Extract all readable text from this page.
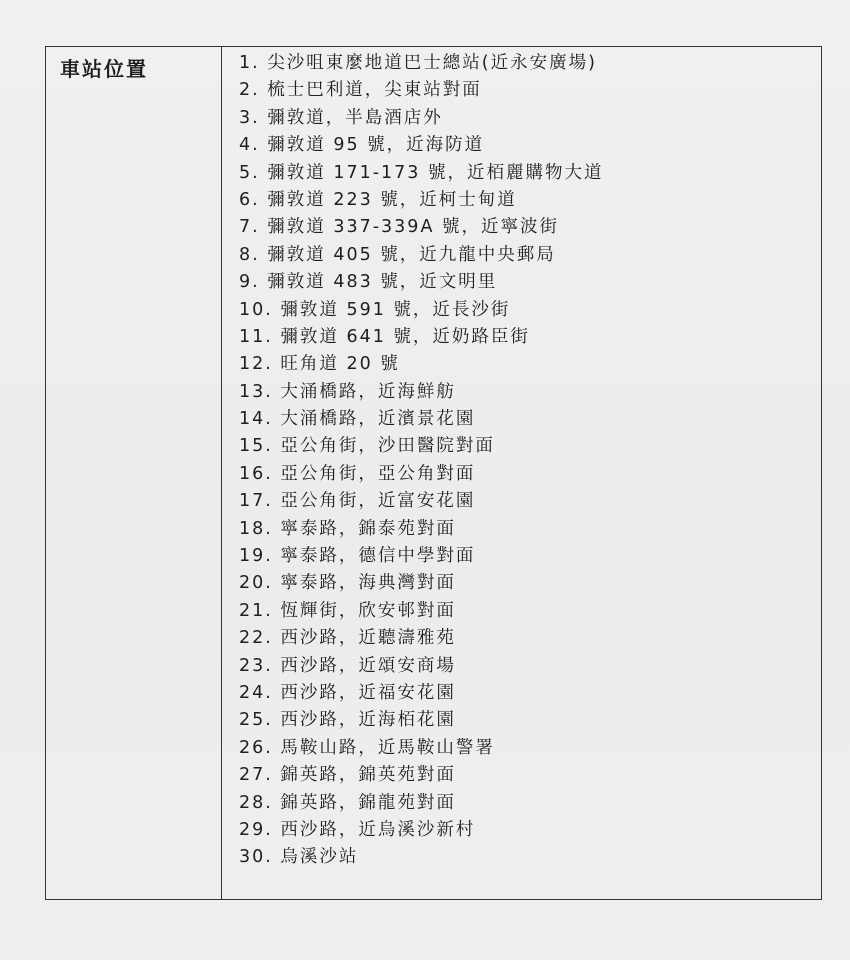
車站位置	1. 尖沙咀東麼地道巴士總站(近永安廣場)
2. 梳士巴利道，尖東站對面
3. 彌敦道，半島酒店外
4. 彌敦道 95 號，近海防道
5. 彌敦道 171-173 號，近栢麗購物大道
6. 彌敦道 223 號，近柯士甸道
7. 彌敦道 337-339A 號，近寧波街
8. 彌敦道 405 號，近九龍中央郵局
9. 彌敦道 483 號，近文明里
10. 彌敦道 591 號，近長沙街
11. 彌敦道 641 號，近奶路臣街
12. 旺角道 20 號
13. 大涌橋路，近海鮮舫
14. 大涌橋路，近濱景花園
15. 亞公角街，沙田醫院對面
16. 亞公角街，亞公角對面
17. 亞公角街，近富安花園
18. 寧泰路，錦泰苑對面
19. 寧泰路，德信中學對面
20. 寧泰路，海典灣對面
21. 恆輝街，欣安邨對面
22. 西沙路，近聽濤雅苑
23. 西沙路，近頌安商場
24. 西沙路，近福安花園
25. 西沙路，近海栢花園
26. 馬鞍山路，近馬鞍山警署
27. 錦英路，錦英苑對面
28. 錦英路，錦龍苑對面
29. 西沙路，近烏溪沙新村
30. 烏溪沙站
